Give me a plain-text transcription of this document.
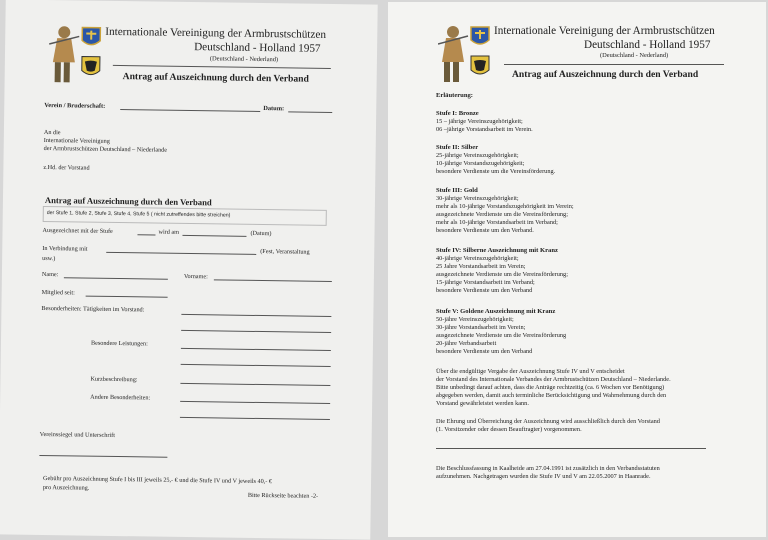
Internationale Vereinigung der Armbrustschützen
Deutschland - Holland 1957
(Deutschland - Nederland)
Antrag auf Auszeichnung durch den Verband
Verein / Bruderschaft:	Datum:
An die
Internationale Vereinigung
der Armbrustschützen Deutschland – Niederlande
z.Hd. der Vorstand
Antrag auf Auszeichnung durch den Verband
der Stufe 1, Stufe 2, Stufe 3, Stufe 4, Stufe 5 ( nicht zutreffendes bitte streichen)
Ausgezeichnet mit der Stufe	wird am	(Datum)
In Verbindung mit	(Fest, Veranstaltung
usw.)
Name:	Vorname:
Mitglied seit:
Besonderheiten: Tätigkeiten im Vorstand:
Besondere Leistungen:
Kurzbeschreibung:
Andere Besonderheiten:
Vereinssiegel und Unterschrift
Gebühr pro Auszeichnung Stufe I bis III jeweils 25,- € und die Stufe IV und V jeweils 40,- €
pro Auszeichnung.
Bitte Rückseite beachten -2-
Internationale Vereinigung der Armbrustschützen
Deutschland - Holland 1957
(Deutschland - Nederland)
Antrag auf Auszeichnung durch den Verband
Erläuterung:
Stufe I: Bronze
15 – jährige Vereinszugehörigkeit;
06 –jährige Vorstandsarbeit im Verein.
Stufe II: Silber
25-jährige Vereinszugehörigkeit;
10-jährige Vorstandszugehörigkeit;
besondere Verdienste um die Vereinsförderung.
Stufe III: Gold
30-jährige Vereinszugehörigkeit;
mehr als 10-jährige Vorstandszugehörigkeit im Verein;
ausgezeichnete Verdienste um die Vereinsförderung;
mehr als 10-jährige Vorstandsarbeit im Verband;
besondere Verdienste um den Verband.
Stufe IV: Silberne Auszeichnung mit Kranz
40-jährige Vereinszugehörigkeit;
25 Jahre Vorstandsarbeit im Verein;
ausgezeichnete Verdienste um die Vereinsförderung;
15-jährige Vorstandsarbeit im Verband;
besondere Verdienste um den Verband
Stufe V: Goldene Auszeichnung mit Kranz
50-jähre Vereinszugehörigkeit;
30-jähre Vorstandsarbeit im Verein;
ausgezeichnete Verdienste um die Vereinsförderung
20-jähre Verbandsarbeit
besondere Verdienste um den Verband
Über die endgültige Vergabe der Auszeichnung Stufe IV und V entscheidet
der Vorstand des Internationale Verbandes der Armbrustschützen Deutschland – Niederlande.
Bitte unbedingt darauf achten, dass die Anträge rechtzeitig (ca. 6 Wochen vor Benötigung)
abgegeben werden, damit auch terminliche Berücksichtigung und Wahrnehmung durch den
Vorstand gewährleistet werden kann.
Die Ehrung und Überreichung der Auszeichnung wird ausschließlich durch den Vorstand
(1. Vorsitzender oder dessen Beauftragter) vorgenommen.
Die Beschlussfassung in Kaalheide am 27.04.1991 ist zusätzlich in den Verbandsstatuten
aufzunehmen. Nachgetragen wurden die Stufe IV und V am 22.05.2007 in Haanrade.
